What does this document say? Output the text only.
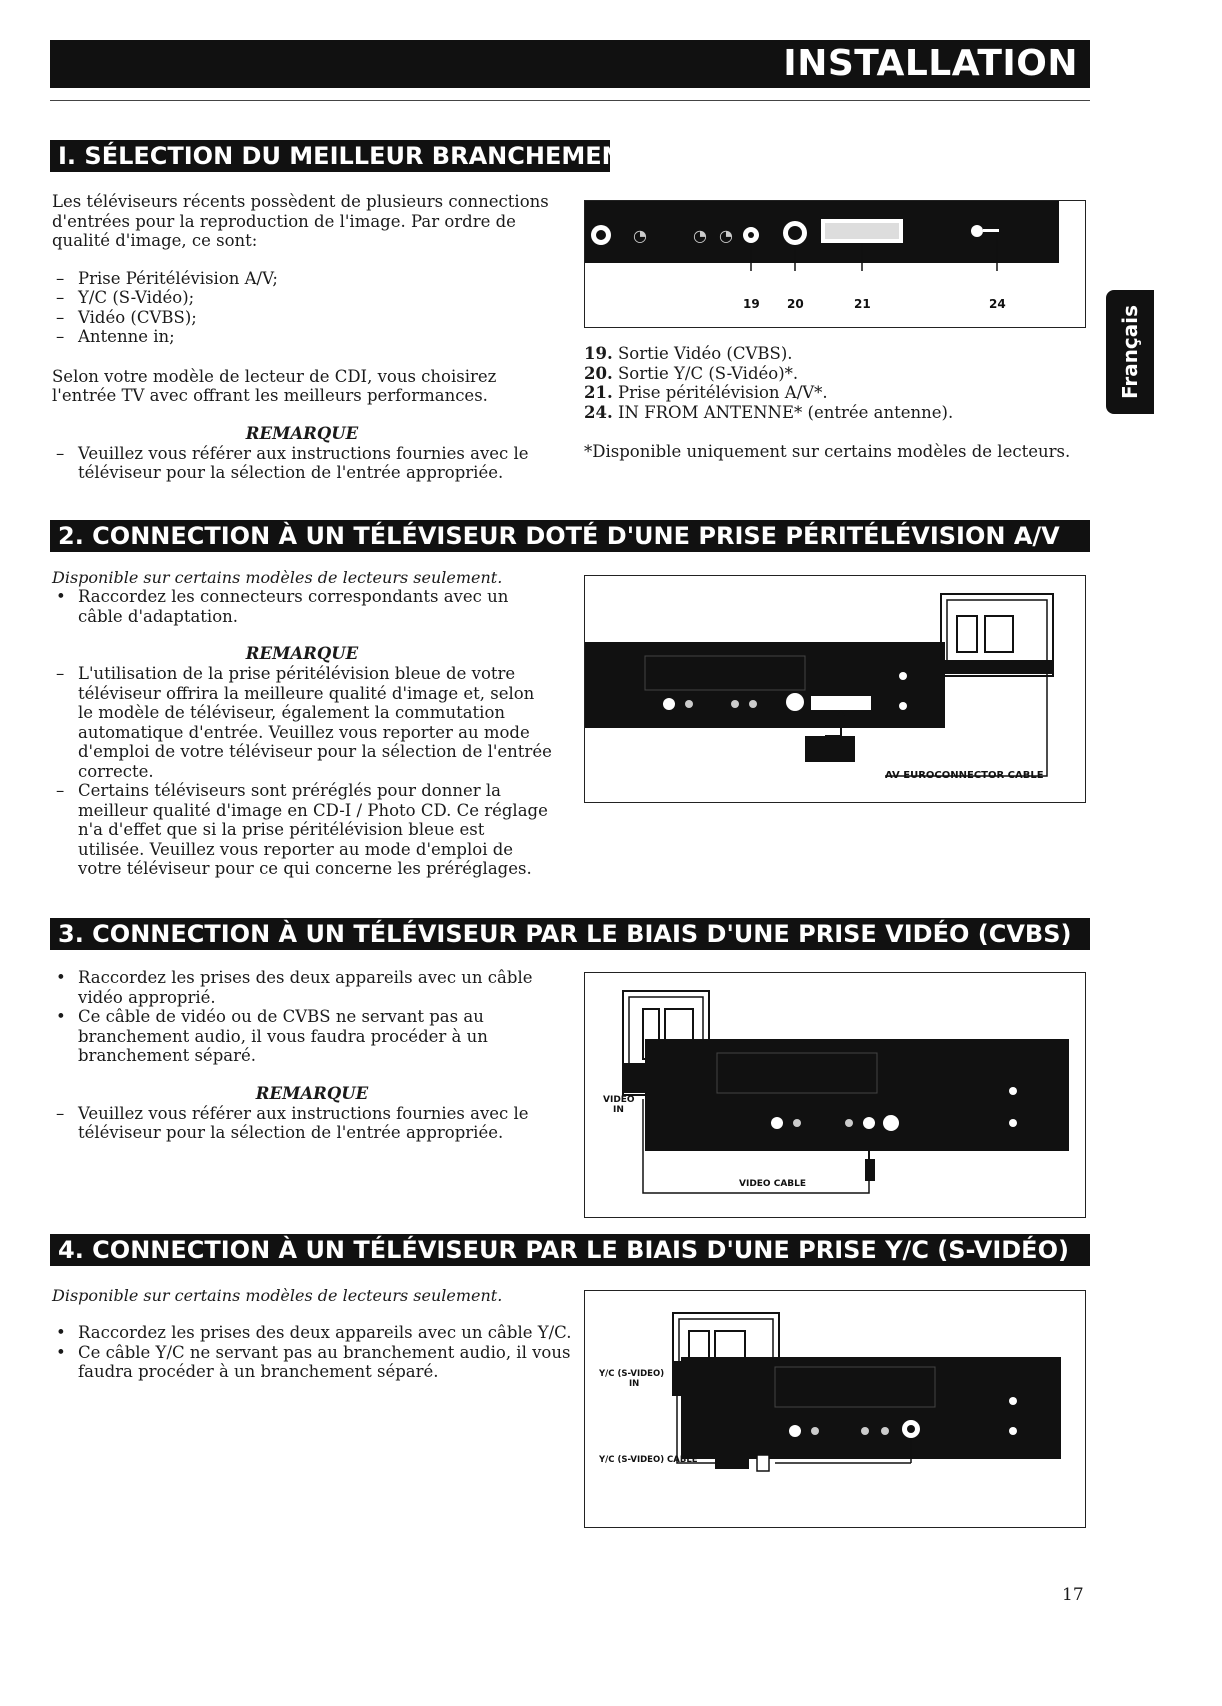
INSTALLATION
Français
I. SÉLECTION DU MEILLEUR BRANCHEMENT

Les téléviseurs récents possèdent de plusieurs connections d'entrées pour la reproduction de l'image. Par ordre de qualité d'image, ce sont:

– Prise Péritélévision A/V;
– Y/C (S-Vidéo);
– Vidéo (CVBS);
– Antenne in;

Selon votre modèle de lecteur de CDI, vous choisirez l'entrée TV avec offrant les meilleurs performances.

REMARQUE
– Veuillez vous référer aux instructions fournies avec le téléviseur pour la sélection de l'entrée appropriée.
◔	◔ ◔
19 20	21	24

19. Sortie Vidéo (CVBS).

20. Sortie Y/C (S-Vidéo)*.

21. Prise péritélévision A/V*.

24. IN FROM ANTENNE* (entrée antenne).

*Disponible uniquement sur certains modèles de lecteurs.

2. CONNECTION À UN TÉLÉVISEUR DOTÉ D'UNE PRISE PÉRITÉLÉVISION A/V

Disponible sur certains modèles de lecteurs seulement.

• Raccordez les connecteurs correspondants avec un câble d'adaptation.
REMARQUE
– L'utilisation de la prise péritélévision bleue de votre téléviseur offrira la meilleure qualité d'image et, selon le modèle de téléviseur, également la commutation automatique d'entrée. Veuillez vous reporter au mode d'emploi de votre téléviseur pour la sélection de l'entrée correcte.
– Certains téléviseurs sont préréglés pour donner la meilleur qualité d'image en CD-I / Photo CD. Ce réglage n'a d'effet que si la prise péritélévision bleue est utilisée. Veuillez vous reporter au mode d'emploi de votre téléviseur pour ce qui concerne les préréglages.
AV EUROCONNECTOR CABLE
3. CONNECTION À UN TÉLÉVISEUR PAR LE BIAIS D'UNE PRISE VIDÉO (CVBS)
• Raccordez les prises des deux appareils avec un câble vidéo approprié.
• Ce câble de vidéo ou de CVBS ne servant pas au branchement audio, il vous faudra procéder à un branchement séparé.
REMARQUE
– Veuillez vous référer aux instructions fournies avec le téléviseur pour la sélection de l'entrée appropriée.
VIDEO
IN
VIDEO CABLE
4. CONNECTION À UN TÉLÉVISEUR PAR LE BIAIS D'UNE PRISE Y/C (S-VIDÉO)

Disponible sur certains modèles de lecteurs seulement.

• Raccordez les prises des deux appareils avec un câble Y/C.
• Ce câble Y/C ne servant pas au branchement audio, il vous faudra procéder à un branchement séparé.	Y/C (S-VIDEO)
IN
Y/C (S-VIDEO) CABLE
17
